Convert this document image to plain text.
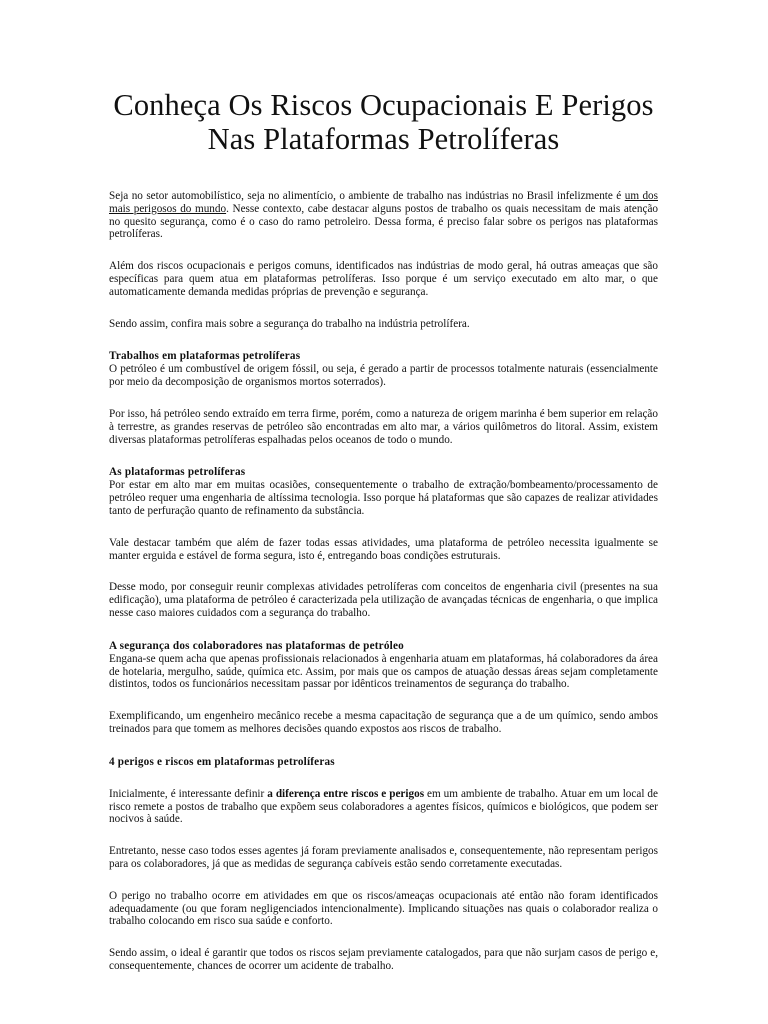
Conheça Os Riscos Ocupacionais E Perigos Nas Plataformas Petrolíferas

Seja no setor automobilístico, seja no alimentício, o ambiente de trabalho nas indústrias no Brasil infelizmente é um dos mais perigosos do mundo. Nesse contexto, cabe destacar alguns postos de trabalho os quais necessitam de mais atenção no quesito segurança, como é o caso do ramo petroleiro. Dessa forma, é preciso falar sobre os perigos nas plataformas petrolíferas.

Além dos riscos ocupacionais e perigos comuns, identificados nas indústrias de modo geral, há outras ameaças que são específicas para quem atua em plataformas petrolíferas. Isso porque é um serviço executado em alto mar, o que automaticamente demanda medidas próprias de prevenção e segurança.

Sendo assim, confira mais sobre a segurança do trabalho na indústria petrolífera.

Trabalhos em plataformas petrolíferas

O petróleo é um combustível de origem fóssil, ou seja, é gerado a partir de processos totalmente naturais (essencialmente por meio da decomposição de organismos mortos soterrados).

Por isso, há petróleo sendo extraído em terra firme, porém, como a natureza de origem marinha é bem superior em relação à terrestre, as grandes reservas de petróleo são encontradas em alto mar, a vários quilômetros do litoral. Assim, existem diversas plataformas petrolíferas espalhadas pelos oceanos de todo o mundo.

As plataformas petrolíferas

Por estar em alto mar em muitas ocasiões, consequentemente o trabalho de extração/bombeamento/processamento de petróleo requer uma engenharia de altíssima tecnologia. Isso porque há plataformas que são capazes de realizar atividades tanto de perfuração quanto de refinamento da substância.

Vale destacar também que além de fazer todas essas atividades, uma plataforma de petróleo necessita igualmente se manter erguida e estável de forma segura, isto é, entregando boas condições estruturais.

Desse modo, por conseguir reunir complexas atividades petrolíferas com conceitos de engenharia civil (presentes na sua edificação), uma plataforma de petróleo é caracterizada pela utilização de avançadas técnicas de engenharia, o que implica nesse caso maiores cuidados com a segurança do trabalho.

A segurança dos colaboradores nas plataformas de petróleo

Engana-se quem acha que apenas profissionais relacionados à engenharia atuam em plataformas, há colaboradores da área de hotelaria, mergulho, saúde, química etc. Assim, por mais que os campos de atuação dessas áreas sejam completamente distintos, todos os funcionários necessitam passar por idênticos treinamentos de segurança do trabalho.

Exemplificando, um engenheiro mecânico recebe a mesma capacitação de segurança que a de um químico, sendo ambos treinados para que tomem as melhores decisões quando expostos aos riscos de trabalho.

4 perigos e riscos em plataformas petrolíferas

Inicialmente, é interessante definir a diferença entre riscos e perigos em um ambiente de trabalho. Atuar em um local de risco remete a postos de trabalho que expõem seus colaboradores a agentes físicos, químicos e biológicos, que podem ser nocivos à saúde.

Entretanto, nesse caso todos esses agentes já foram previamente analisados e, consequentemente, não representam perigos para os colaboradores, já que as medidas de segurança cabíveis estão sendo corretamente executadas.

O perigo no trabalho ocorre em atividades em que os riscos/ameaças ocupacionais até então não foram identificados adequadamente (ou que foram negligenciados intencionalmente). Implicando situações nas quais o colaborador realiza o trabalho colocando em risco sua saúde e conforto.

Sendo assim, o ideal é garantir que todos os riscos sejam previamente catalogados, para que não surjam casos de perigo e, consequentemente, chances de ocorrer um acidente de trabalho.
